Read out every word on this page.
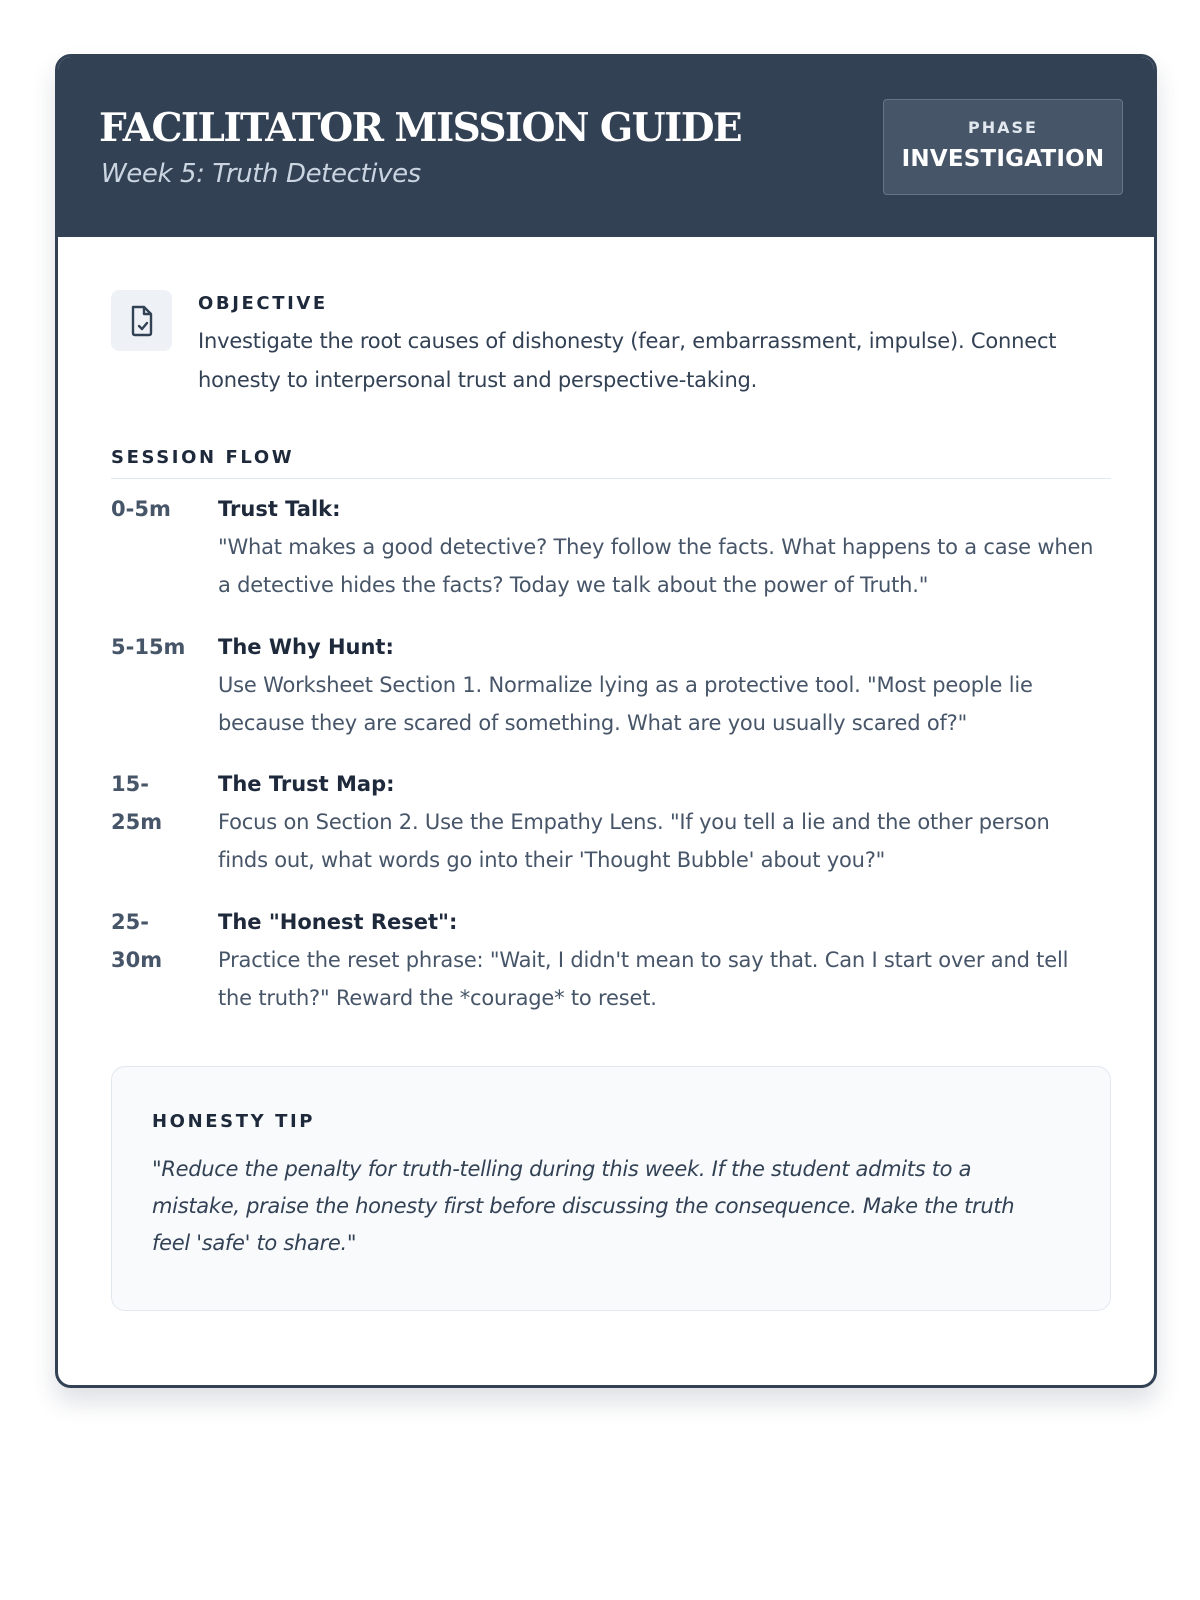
FACILITATOR MISSION GUIDE
Week 5: Truth Detectives
PHASE
INVESTIGATION
OBJECTIVE
Investigate the root causes of dishonesty (fear, embarrassment, impulse). Connect honesty to interpersonal trust and perspective-taking.
SESSION FLOW
0-5m	Trust Talk:
"What makes a good detective? They follow the facts. What happens to a case when a detective hides the facts? Today we talk about the power of Truth."
5-15m	The Why Hunt:
Use Worksheet Section 1. Normalize lying as a protective tool. "Most people lie because they are scared of something. What are you usually scared of?"
15-25m
The Trust Map:
Focus on Section 2. Use the Empathy Lens. "If you tell a lie and the other person finds out, what words go into their 'Thought Bubble' about you?"
25-30m
The "Honest Reset":
Practice the reset phrase: "Wait, I didn't mean to say that. Can I start over and tell the truth?" Reward the *courage* to reset.
HONESTY TIP
"Reduce the penalty for truth-telling during this week. If the student admits to a mistake, praise the honesty first before discussing the consequence. Make the truth feel 'safe' to share."
